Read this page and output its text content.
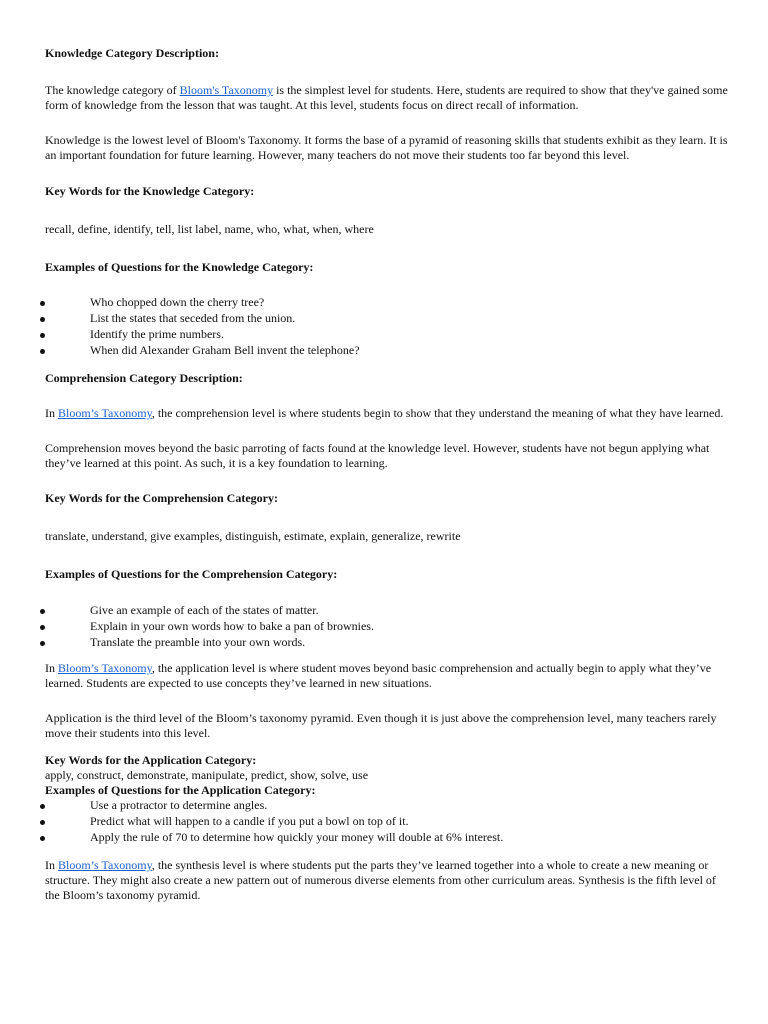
Knowledge Category Description:

The knowledge category of Bloom's Taxonomy is the simplest level for students. Here, students are required to show that they've gained some form of knowledge from the lesson that was taught. At this level, students focus on direct recall of information.

Knowledge is the lowest level of Bloom's Taxonomy. It forms the base of a pyramid of reasoning skills that students exhibit as they learn. It is an important foundation for future learning. However, many teachers do not move their students too far beyond this level.

Key Words for the Knowledge Category:

recall, define, identify, tell, list label, name, who, what, when, where

Examples of Questions for the Knowledge Category:

Who chopped down the cherry tree?
List the states that seceded from the union.
Identify the prime numbers.
When did Alexander Graham Bell invent the telephone?

Comprehension Category Description:

In Bloom’s Taxonomy, the comprehension level is where students begin to show that they understand the meaning of what they have learned.

Comprehension moves beyond the basic parroting of facts found at the knowledge level. However, students have not begun applying what they’ve learned at this point. As such, it is a key foundation to learning.

Key Words for the Comprehension Category:

translate, understand, give examples, distinguish, estimate, explain, generalize, rewrite

Examples of Questions for the Comprehension Category:

Give an example of each of the states of matter.
Explain in your own words how to bake a pan of brownies.
Translate the preamble into your own words.

In Bloom’s Taxonomy, the application level is where student moves beyond basic comprehension and actually begin to apply what they’ve learned. Students are expected to use concepts they’ve learned in new situations.

Application is the third level of the Bloom’s taxonomy pyramid. Even though it is just above the comprehension level, many teachers rarely move their students into this level.

Key Words for the Application Category:

apply, construct, demonstrate, manipulate, predict, show, solve, use

Examples of Questions for the Application Category:

Use a protractor to determine angles.
Predict what will happen to a candle if you put a bowl on top of it.
Apply the rule of 70 to determine how quickly your money will double at 6% interest.

In Bloom’s Taxonomy, the synthesis level is where students put the parts they’ve learned together into a whole to create a new meaning or structure. They might also create a new pattern out of numerous diverse elements from other curriculum areas. Synthesis is the fifth level of the Bloom’s taxonomy pyramid.
